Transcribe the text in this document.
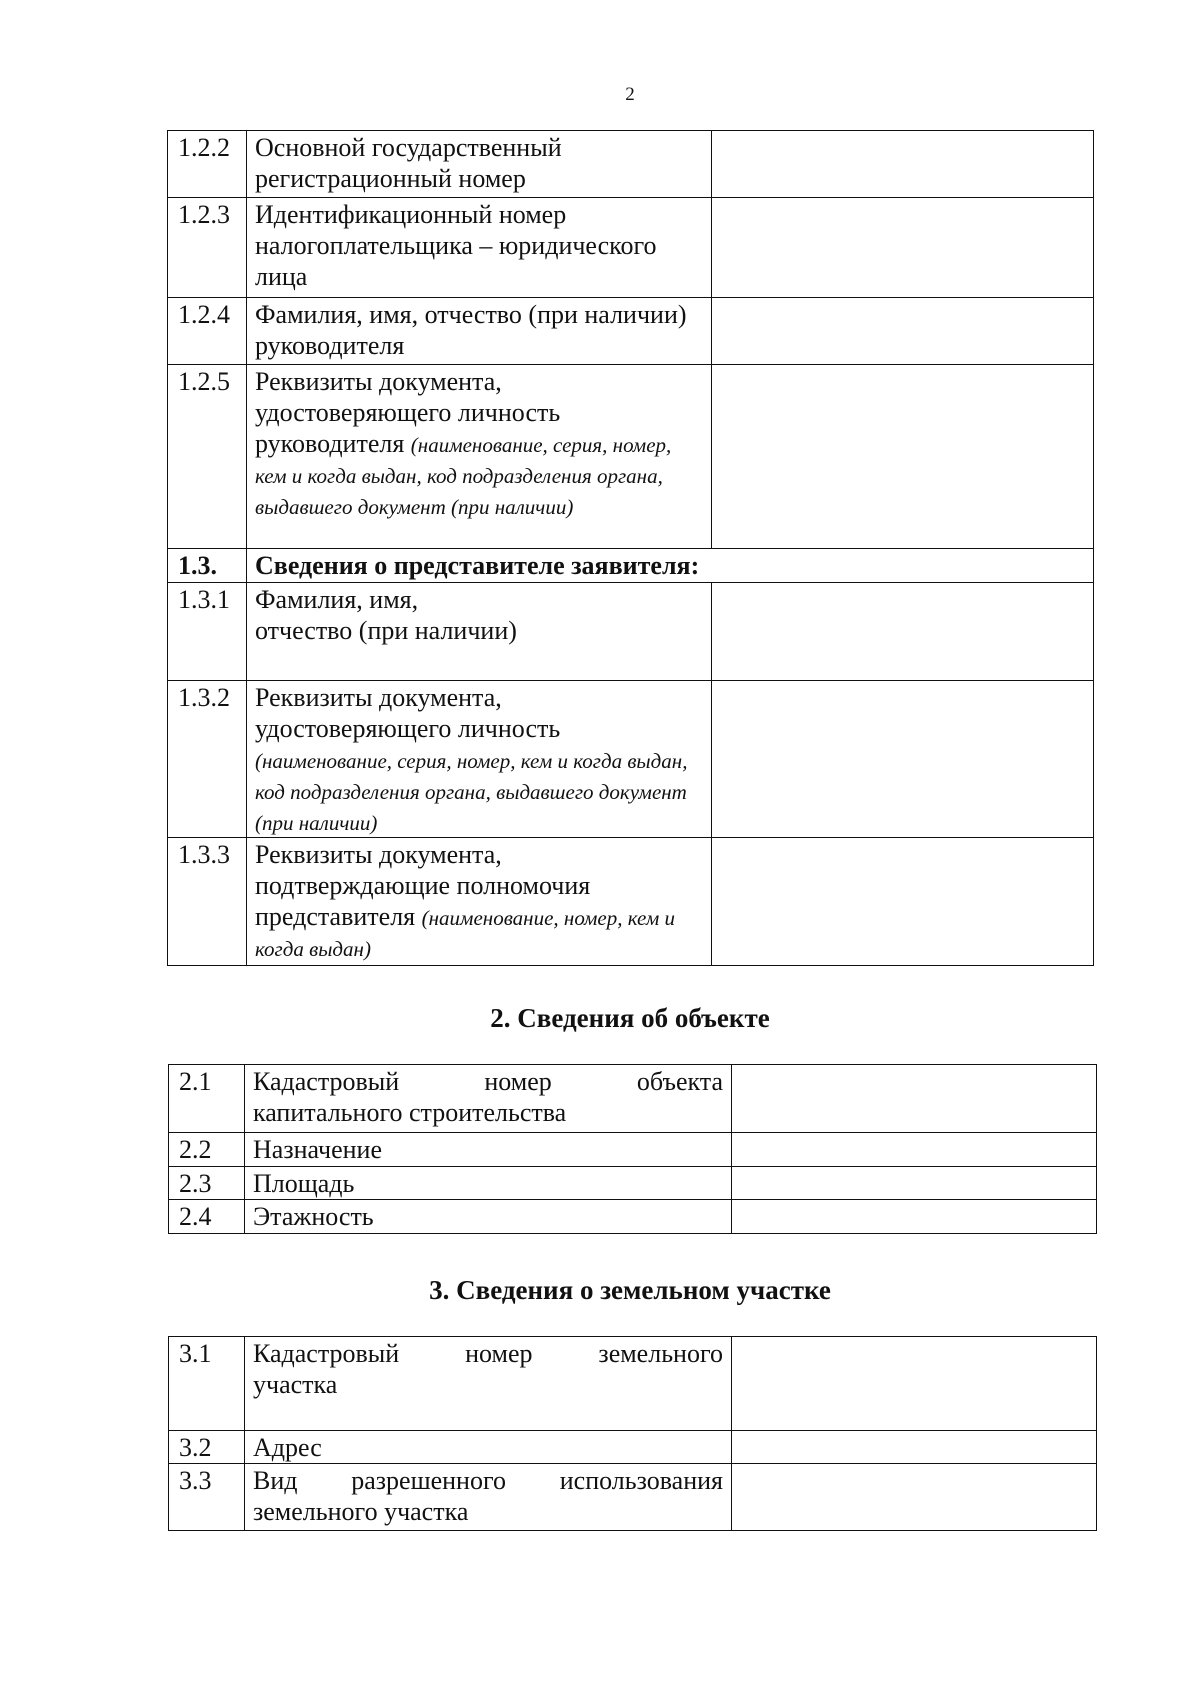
2
1.2.2	Основной государственный регистрационный номер	
1.2.3	Идентификационный номер налогоплательщика – юридического лица	
1.2.4	Фамилия, имя, отчество (при наличии) руководителя	
1.2.5	Реквизиты документа, удостоверяющего личность руководителя (наименование, серия, номер, кем и когда выдан, код подразделения органа, выдавшего документ (при наличии)	
1.3.	Сведения о представителе заявителя:	
1.3.1	Фамилия, имя,
отчество (при наличии)	

1.3.2	Реквизиты документа, удостоверяющего личность (наименование, серия, номер, кем и когда выдан, код подразделения органа, выдавшего документ (при наличии)	
1.3.3	Реквизиты документа, подтверждающие полномочия представителя (наименование, номер, кем и когда выдан)	
2. Сведения об объекте
2.1	Кадастровый номер объекта
капитального строительства	

2.2	Назначение	
2.3	Площадь	
2.4	Этажность	
3. Сведения о земельном участке
3.1	Кадастровый номер земельного
участка	

3.2	Адрес	
3.3	Вид разрешенного использования
земельного участка	
